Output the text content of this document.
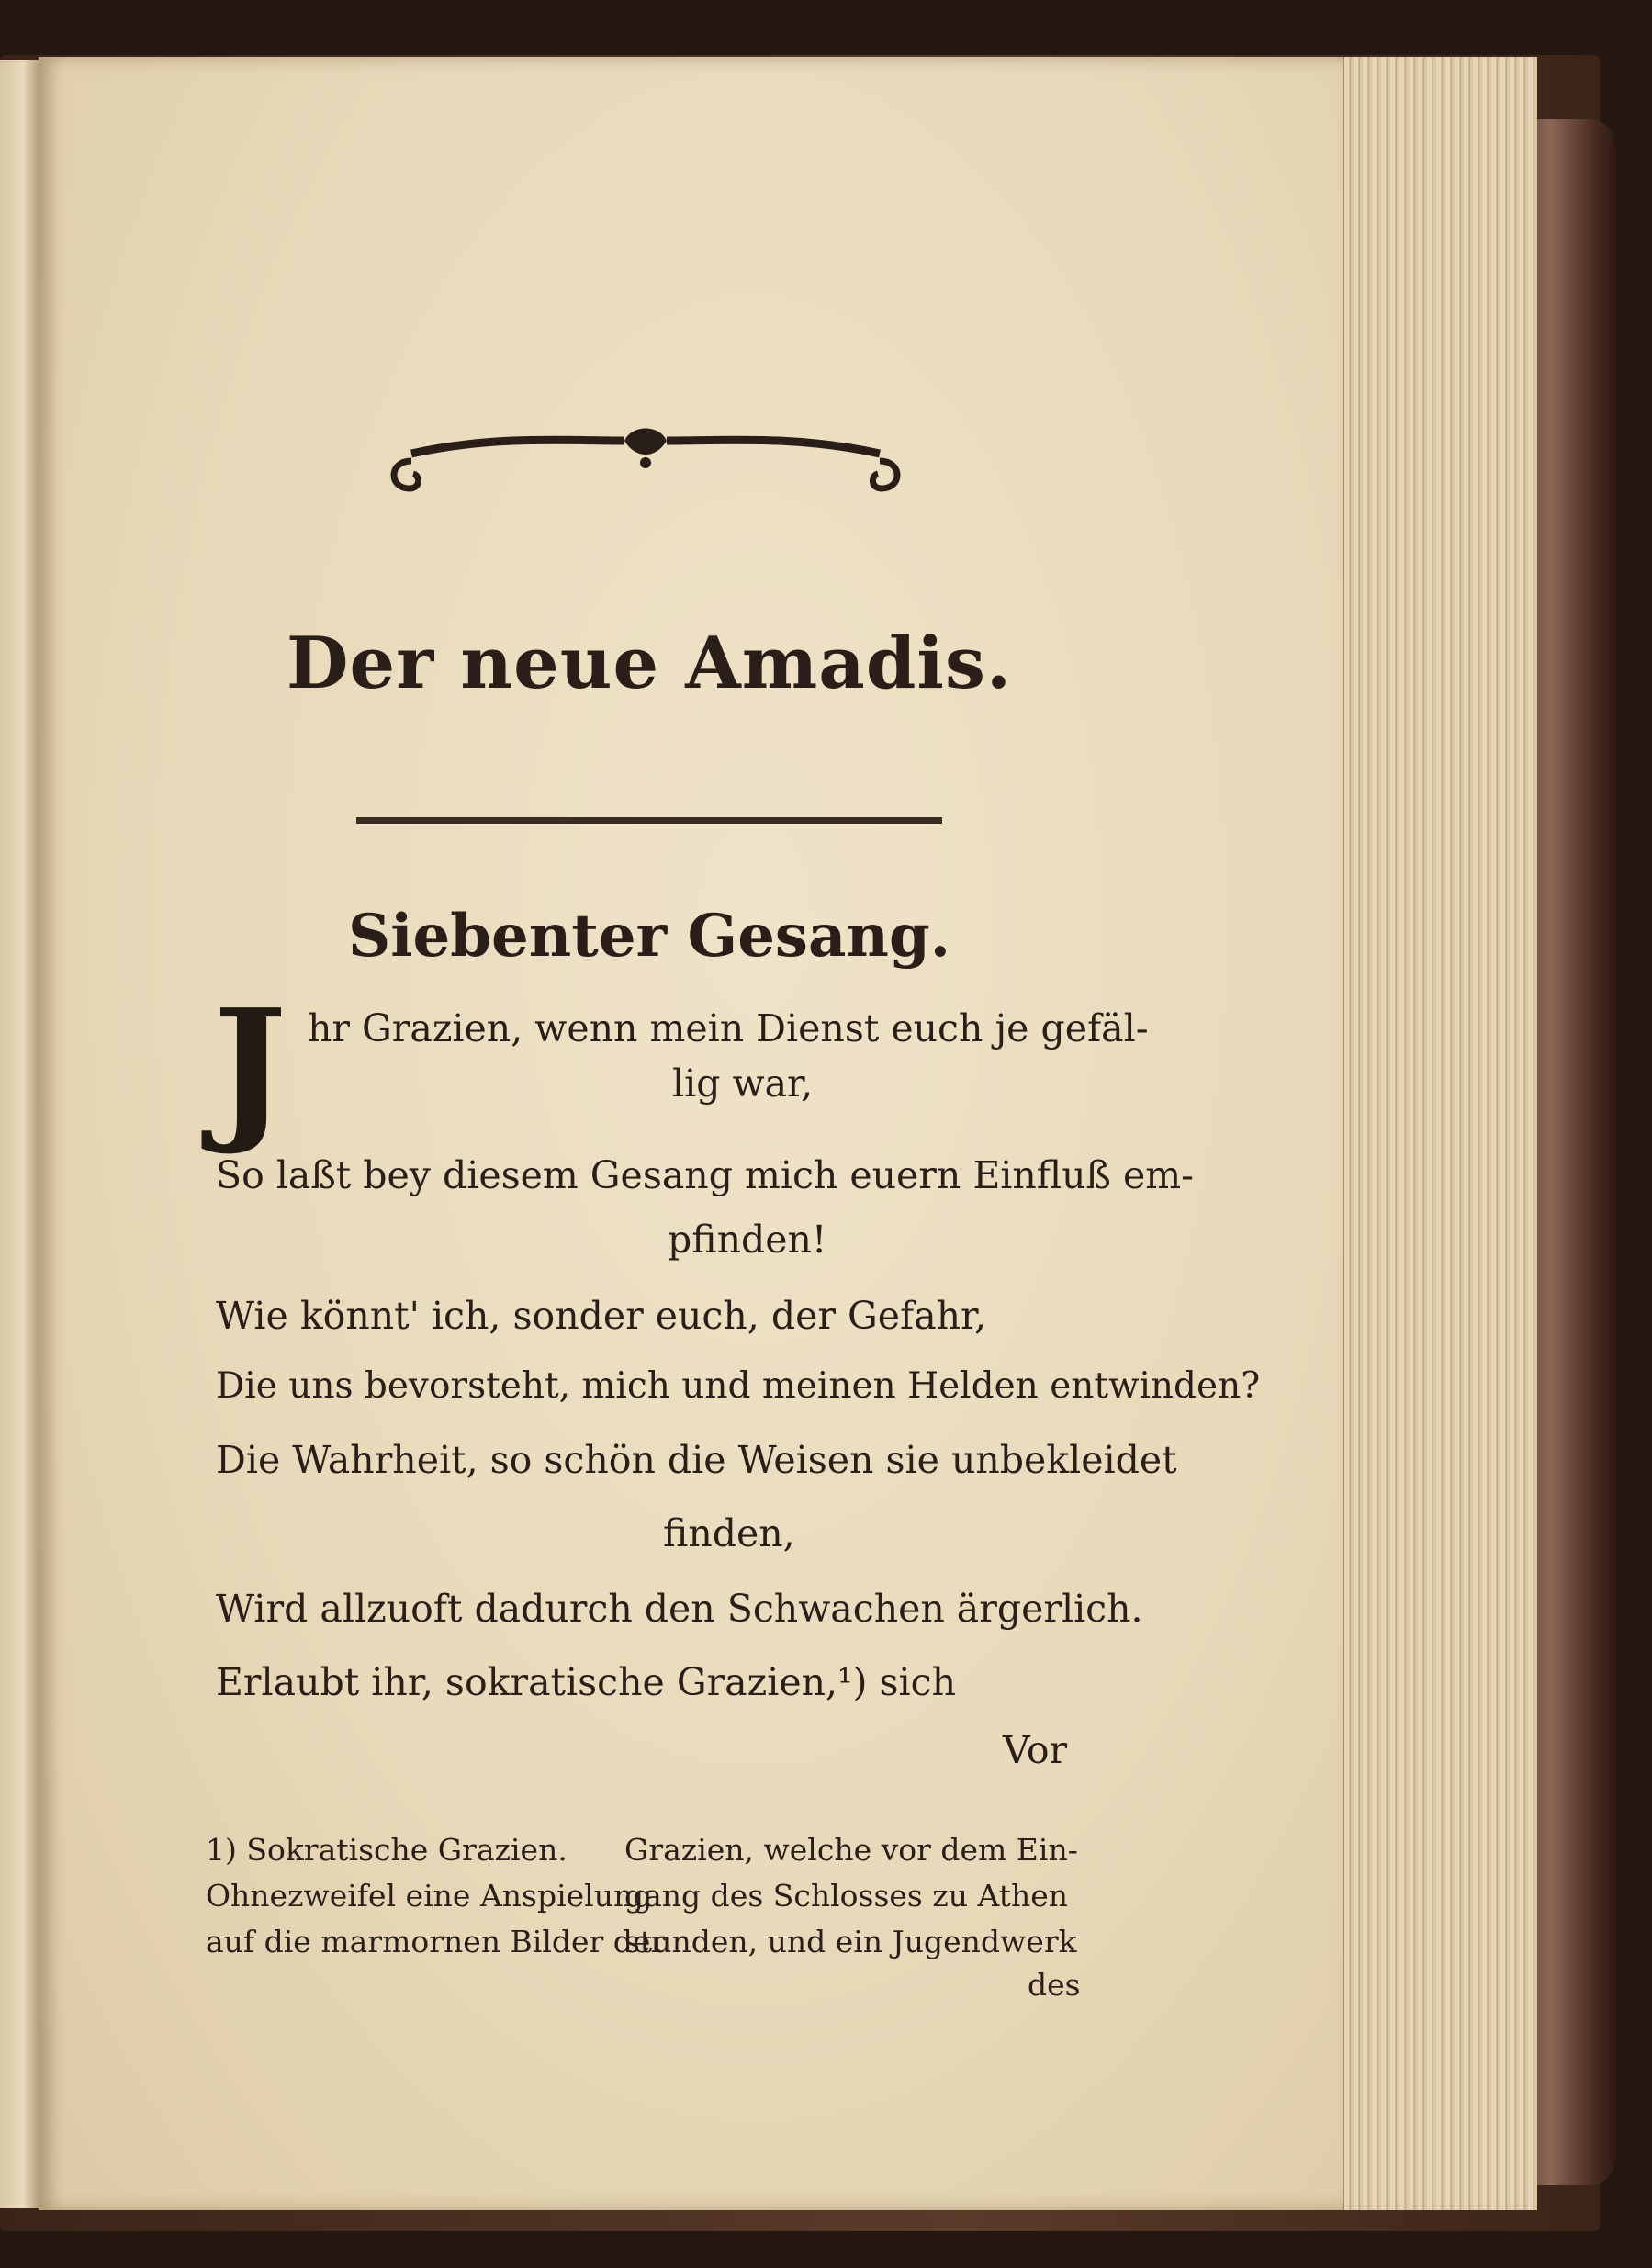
Der neue Amadis.
Siebenter Gesang.
J hr Grazien, wenn mein Dienst euch je gefäl-
lig war,
So laßt bey diesem Gesang mich euern Einfluß em-
pfinden!
Wie könnt' ich, sonder euch, der Gefahr,
Die uns bevorsteht, mich und meinen Helden entwinden?
Die Wahrheit, so schön die Weisen sie unbekleidet
finden,
Wird allzuoft dadurch den Schwachen ärgerlich.
Erlaubt ihr, sokratische Grazien,¹) sich
Vor
1) Sokratische Grazien.
Ohnezweifel eine Anspielung
auf die marmornen Bilder der
Grazien, welche vor dem Ein-
gang des Schlosses zu Athen
stunden, und ein Jugendwerk
des
